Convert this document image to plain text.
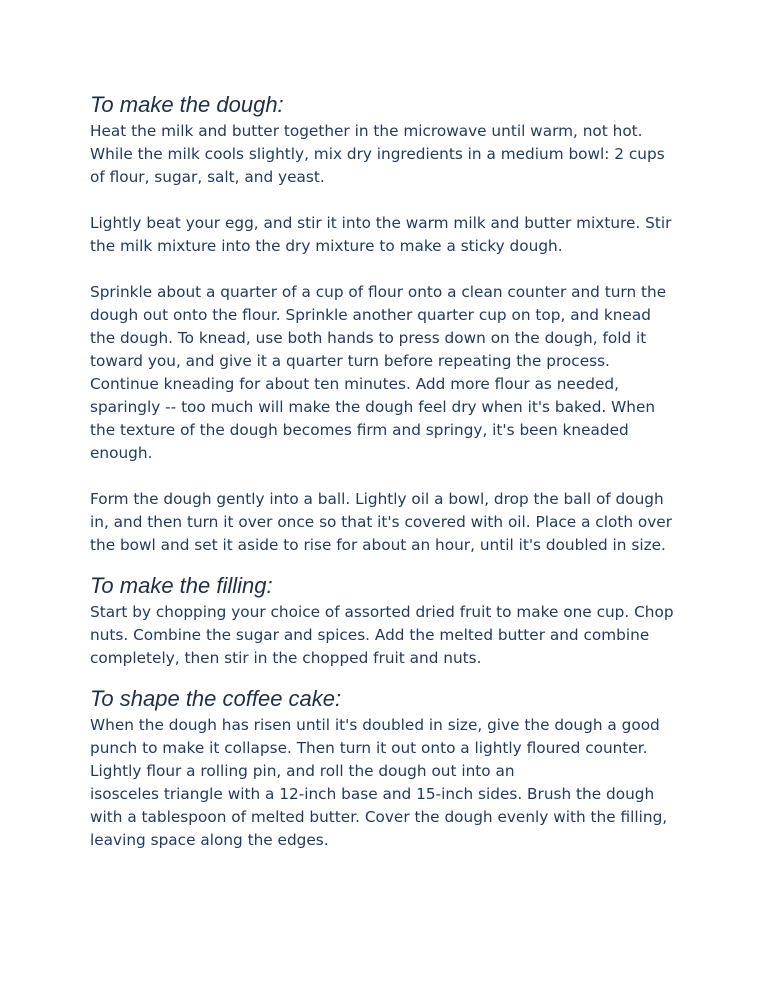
To make the dough:

Heat the milk and butter together in the microwave until warm, not hot.
While the milk cools slightly, mix dry ingredients in a medium bowl: 2 cups
of flour, sugar, salt, and yeast.

Lightly beat your egg, and stir it into the warm milk and butter mixture. Stir
the milk mixture into the dry mixture to make a sticky dough.

Sprinkle about a quarter of a cup of flour onto a clean counter and turn the
dough out onto the flour. Sprinkle another quarter cup on top, and knead
the dough. To knead, use both hands to press down on the dough, fold it
toward you, and give it a quarter turn before repeating the process.
Continue kneading for about ten minutes. Add more flour as needed,
sparingly -- too much will make the dough feel dry when it's baked. When
the texture of the dough becomes firm and springy, it's been kneaded
enough.

Form the dough gently into a ball. Lightly oil a bowl, drop the ball of dough
in, and then turn it over once so that it's covered with oil. Place a cloth over
the bowl and set it aside to rise for about an hour, until it's doubled in size.

To make the filling:

Start by chopping your choice of assorted dried fruit to make one cup. Chop
nuts. Combine the sugar and spices. Add the melted butter and combine
completely, then stir in the chopped fruit and nuts.

To shape the coffee cake:

When the dough has risen until it's doubled in size, give the dough a good
punch to make it collapse. Then turn it out onto a lightly floured counter.
Lightly flour a rolling pin, and roll the dough out into an
isosceles triangle with a 12-inch base and 15-inch sides. Brush the dough
with a tablespoon of melted butter. Cover the dough evenly with the filling,
leaving space along the edges.
